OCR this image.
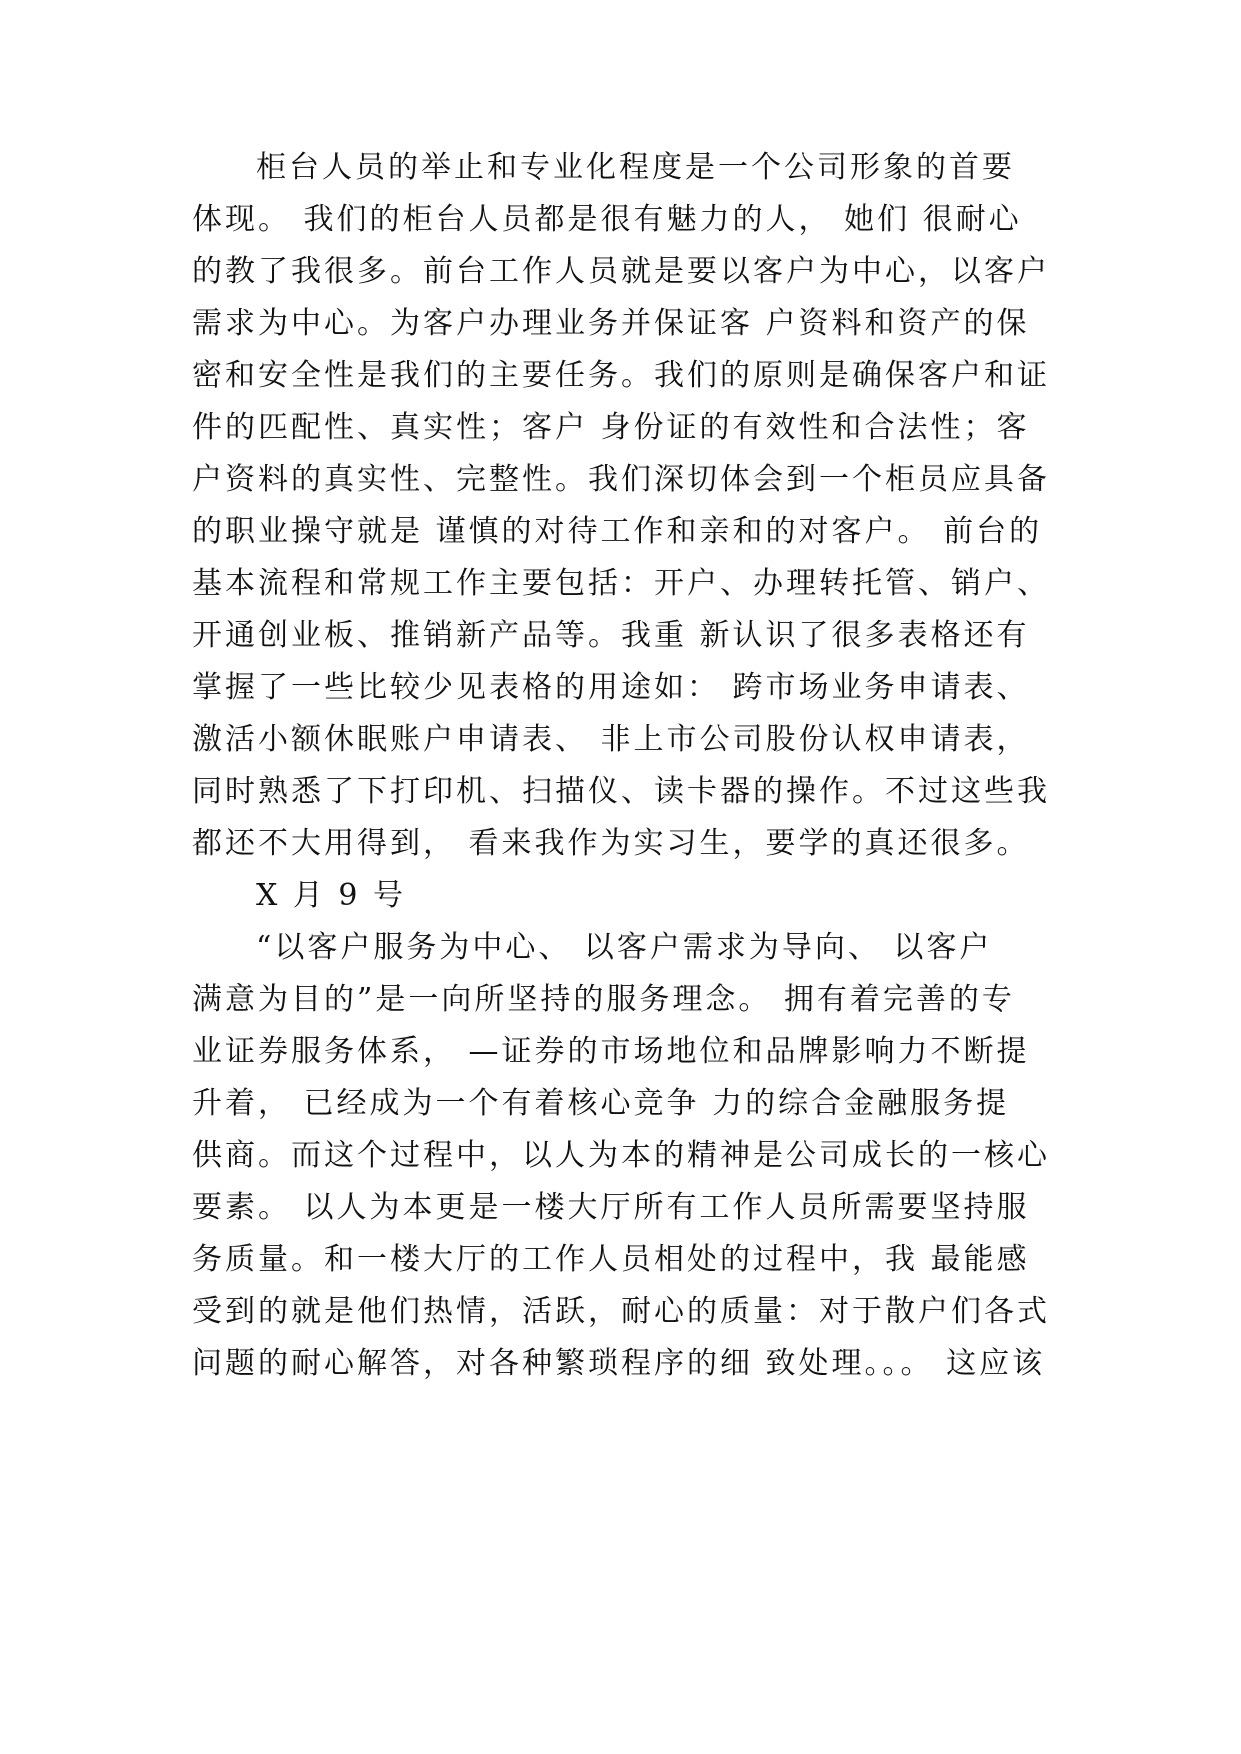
柜台人员的举止和专业化程度是一个公司形象的首要
体现。 我们的柜台人员都是很有魅力的人， 她们 很耐心
的教了我很多。前台工作人员就是要以客户为中心，以客户
需求为中心。为客户办理业务并保证客 户资料和资产的保
密和安全性是我们的主要任务。我们的原则是确保客户和证
件的匹配性、真实性；客户 身份证的有效性和合法性；客
户资料的真实性、完整性。我们深切体会到一个柜员应具备
的职业操守就是 谨慎的对待工作和亲和的对客户。 前台的
基本流程和常规工作主要包括：开户、办理转托管、销户、
开通创业板、推销新产品等。我重 新认识了很多表格还有
掌握了一些比较少见表格的用途如： 跨市场业务申请表、
激活小额休眠账户申请表、 非上市公司股份认权申请表，
同时熟悉了下打印机、扫描仪、读卡器的操作。不过这些我
都还不大用得到， 看来我作为实习生，要学的真还很多。
X 月 9 号
“以客户服务为中心、 以客户需求为导向、 以客户
满意为目的”是一向所坚持的服务理念。 拥有着完善的专
业证券服务体系， —证券的市场地位和品牌影响力不断提
升着， 已经成为一个有着核心竞争 力的综合金融服务提
供商。而这个过程中，以人为本的精神是公司成长的一核心
要素。 以人为本更是一楼大厅所有工作人员所需要坚持服
务质量。和一楼大厅的工作人员相处的过程中，我 最能感
受到的就是他们热情，活跃，耐心的质量：对于散户们各式
问题的耐心解答，对各种繁琐程序的细 致处理。。。 这应该
